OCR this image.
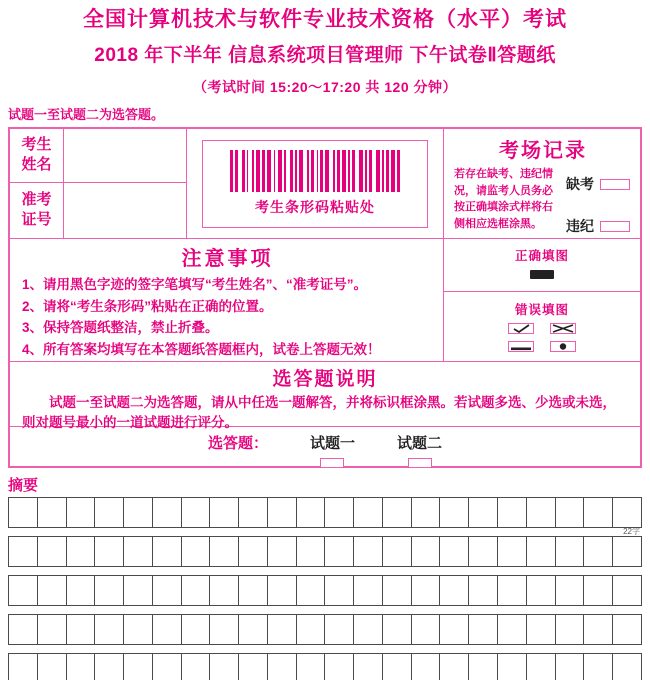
全国计算机技术与软件专业技术资格（水平）考试
2018 年下半年 信息系统项目管理师 下午试卷Ⅱ答题纸
（考试时间 15:20～17:20 共 120 分钟）
试题一至试题二为选答题。
考生姓名
准考证号
考生条形码粘贴处
考场记录
若存在缺考、违纪情况，请监考人员务必按正确填涂式样将右侧相应选框涂黑。
缺考
违纪
注意事项
1、请用黑色字迹的签字笔填写“考生姓名”、“准考证号”。
2、请将“考生条形码”粘贴在正确的位置。
3、保持答题纸整洁，禁止折叠。
4、所有答案均填写在本答题纸答题框内，试卷上答题无效！
正确填图
错误填图
选答题说明

试题一至试题二为选答题，请从中任选一题解答，并将标识框涂黑。若试题多选、少选或未选，则对题号最小的一道试题进行评分。

选答题：	试题一	试题二
摘要
22字
